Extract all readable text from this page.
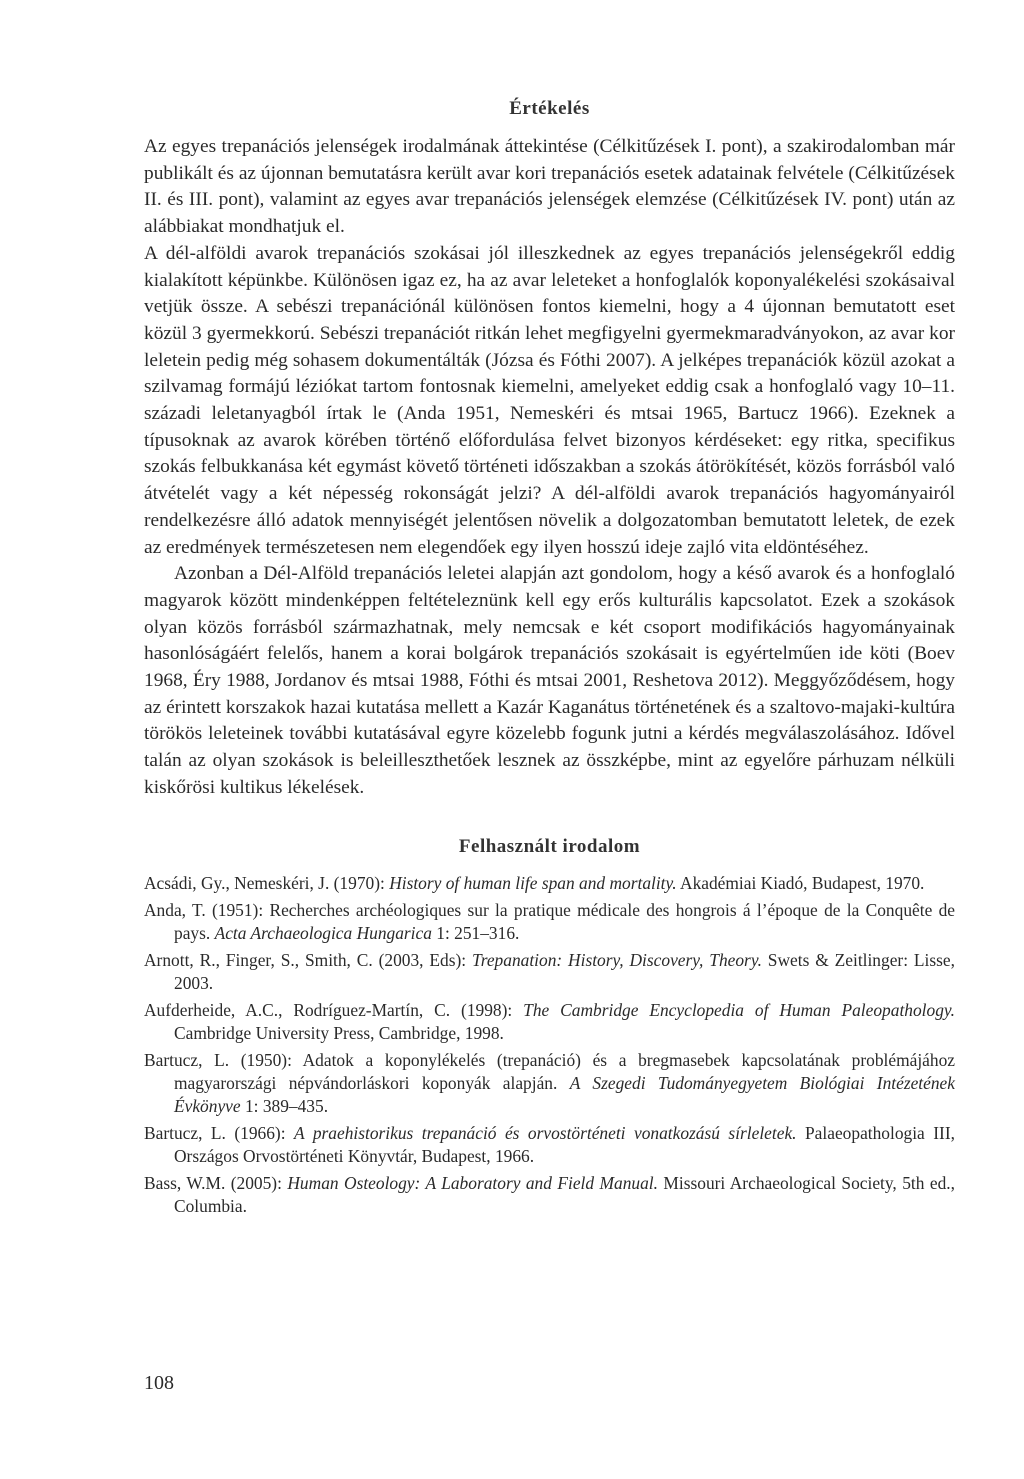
Értékelés

Az egyes trepanációs jelenségek irodalmának áttekintése (Célkitűzések I. pont), a szakirodalomban már publikált és az újonnan bemutatásra került avar kori trepanációs esetek adatainak felvétele (Célkitűzések II. és III. pont), valamint az egyes avar trepanációs jelenségek elemzése (Célkitűzések IV. pont) után az alábbiakat mondhatjuk el.

A dél-alföldi avarok trepanációs szokásai jól illeszkednek az egyes trepanációs jelenségekről eddig kialakított képünkbe. Különösen igaz ez, ha az avar leleteket a honfoglalók koponyalékelési szokásaival vetjük össze. A sebészi trepanációnál különösen fontos kiemelni, hogy a 4 újonnan bemutatott eset közül 3 gyermekkorú. Sebészi trepanációt ritkán lehet megfigyelni gyermekmaradványokon, az avar kor leletein pedig még sohasem dokumentálták (Józsa és Fóthi 2007). A jelképes trepanációk közül azokat a szilvamag formájú léziókat tartom fontosnak kiemelni, amelyeket eddig csak a honfoglaló vagy 10–11. századi leletanyagból írtak le (Anda 1951, Nemeskéri és mtsai 1965, Bartucz 1966). Ezeknek a típusoknak az avarok körében történő előfordulása felvet bizonyos kérdéseket: egy ritka, specifikus szokás felbukkanása két egymást követő történeti időszakban a szokás átörökítését, közös forrásból való átvételét vagy a két népesség rokonságát jelzi? A dél-alföldi avarok trepanációs hagyományairól rendelkezésre álló adatok mennyiségét jelentősen növelik a dolgozatomban bemutatott leletek, de ezek az eredmények természetesen nem elegendőek egy ilyen hosszú ideje zajló vita eldöntéséhez.

Azonban a Dél-Alföld trepanációs leletei alapján azt gondolom, hogy a késő avarok és a honfoglaló magyarok között mindenképpen feltételeznünk kell egy erős kulturális kapcsolatot. Ezek a szokások olyan közös forrásból származhatnak, mely nemcsak e két csoport modifikációs hagyományainak hasonlóságáért felelős, hanem a korai bolgárok trepanációs szokásait is egyértelműen ide köti (Boev 1968, Éry 1988, Jordanov és mtsai 1988, Fóthi és mtsai 2001, Reshetova 2012). Meggyőződésem, hogy az érintett korszakok hazai kutatása mellett a Kazár Kaganátus történetének és a szaltovo-majaki-kultúra törökös leleteinek további kutatásával egyre közelebb fogunk jutni a kérdés megválaszolásához. Idővel talán az olyan szokások is beleilleszthetőek lesznek az összképbe, mint az egyelőre párhuzam nélküli kiskőrösi kultikus lékelések.

Felhasznált irodalom

Acsádi, Gy., Nemeskéri, J. (1970): History of human life span and mortality. Akadémiai Kiadó, Budapest, 1970.

Anda, T. (1951): Recherches archéologiques sur la pratique médicale des hongrois á l’époque de la Conquête de pays. Acta Archaeologica Hungarica 1: 251–316.

Arnott, R., Finger, S., Smith, C. (2003, Eds): Trepanation: History, Discovery, Theory. Swets & Zeitlinger: Lisse, 2003.

Aufderheide, A.C., Rodríguez-Martín, C. (1998): The Cambridge Encyclopedia of Human Paleopathology. Cambridge University Press, Cambridge, 1998.

Bartucz, L. (1950): Adatok a koponylékelés (trepanáció) és a bregmasebek kapcsolatának problémájához magyarországi népvándorláskori koponyák alapján. A Szegedi Tudományegyetem Biológiai Intézetének Évkönyve 1: 389–435.

Bartucz, L. (1966): A praehistorikus trepanáció és orvostörténeti vonatkozású sírleletek. Palaeopathologia III, Országos Orvostörténeti Könyvtár, Budapest, 1966.

Bass, W.M. (2005): Human Osteology: A Laboratory and Field Manual. Missouri Archaeological Society, 5th ed., Columbia.

108
